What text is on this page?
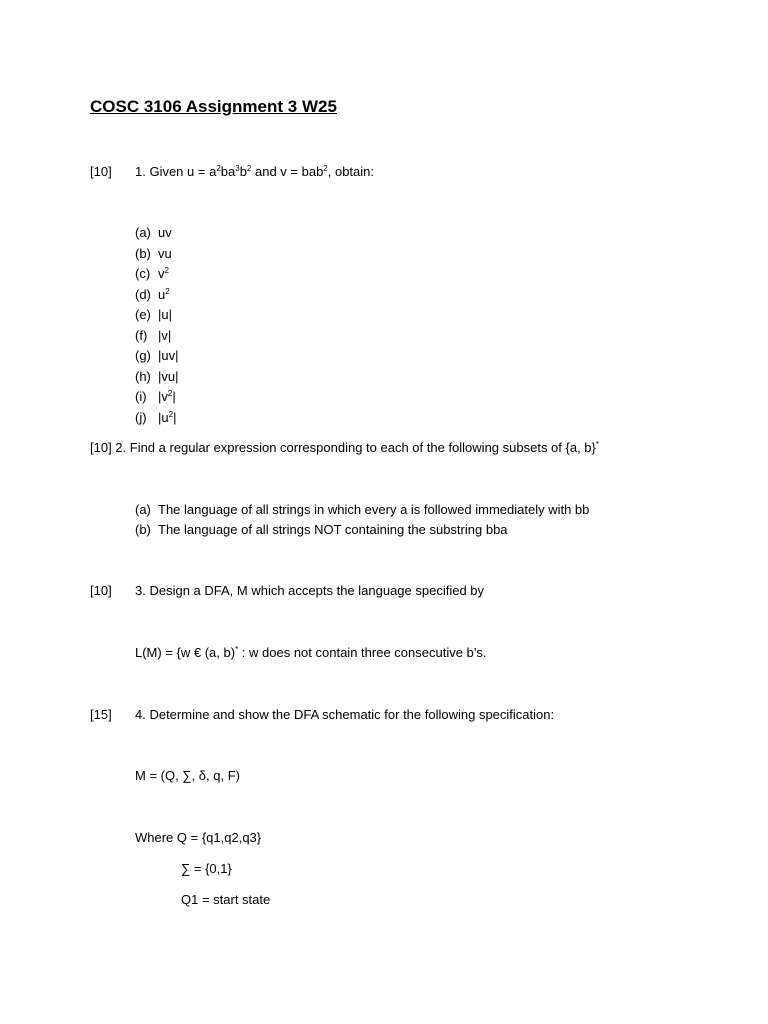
COSC 3106 Assignment 3 W25
[10] 1. Given $u = a^2ba^3b^2$ and v = bab$^2$, obtain:
(a) uv
(b) vu
(c) $v^2$
(d) $u^2$
(e) |u|
(f) |v|
(g) |uv|
(h) |vu|
(i) $|v^2|$
(j) $|u^2|$
[10] 2. Find a regular expression corresponding to each of the following subsets of {a, b}*
(a) The language of all strings in which every a is followed immediately with bb
(b) The language of all strings NOT containing the substring bba
[10] 3. Design a DFA, M which accepts the language specified by
L(M) = {w € (a, b)* : w does not contain three consecutive b’s.
[15] 4. Determine and show the DFA schematic for the following specification:
M = (Q, ∑, δ, q, F)
Where Q = {q1,q2,q3}
∑ = {0,1}
Q1 = start state
